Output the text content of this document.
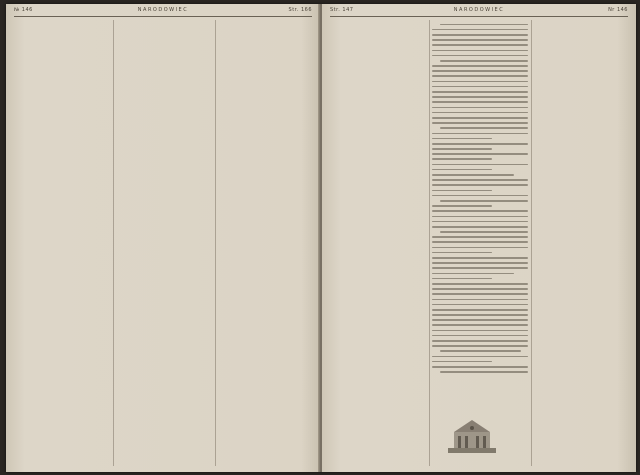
№ 146	NARODOWIEC	Str. 166	Str. 147	NARODOWIEC	Nr 146
